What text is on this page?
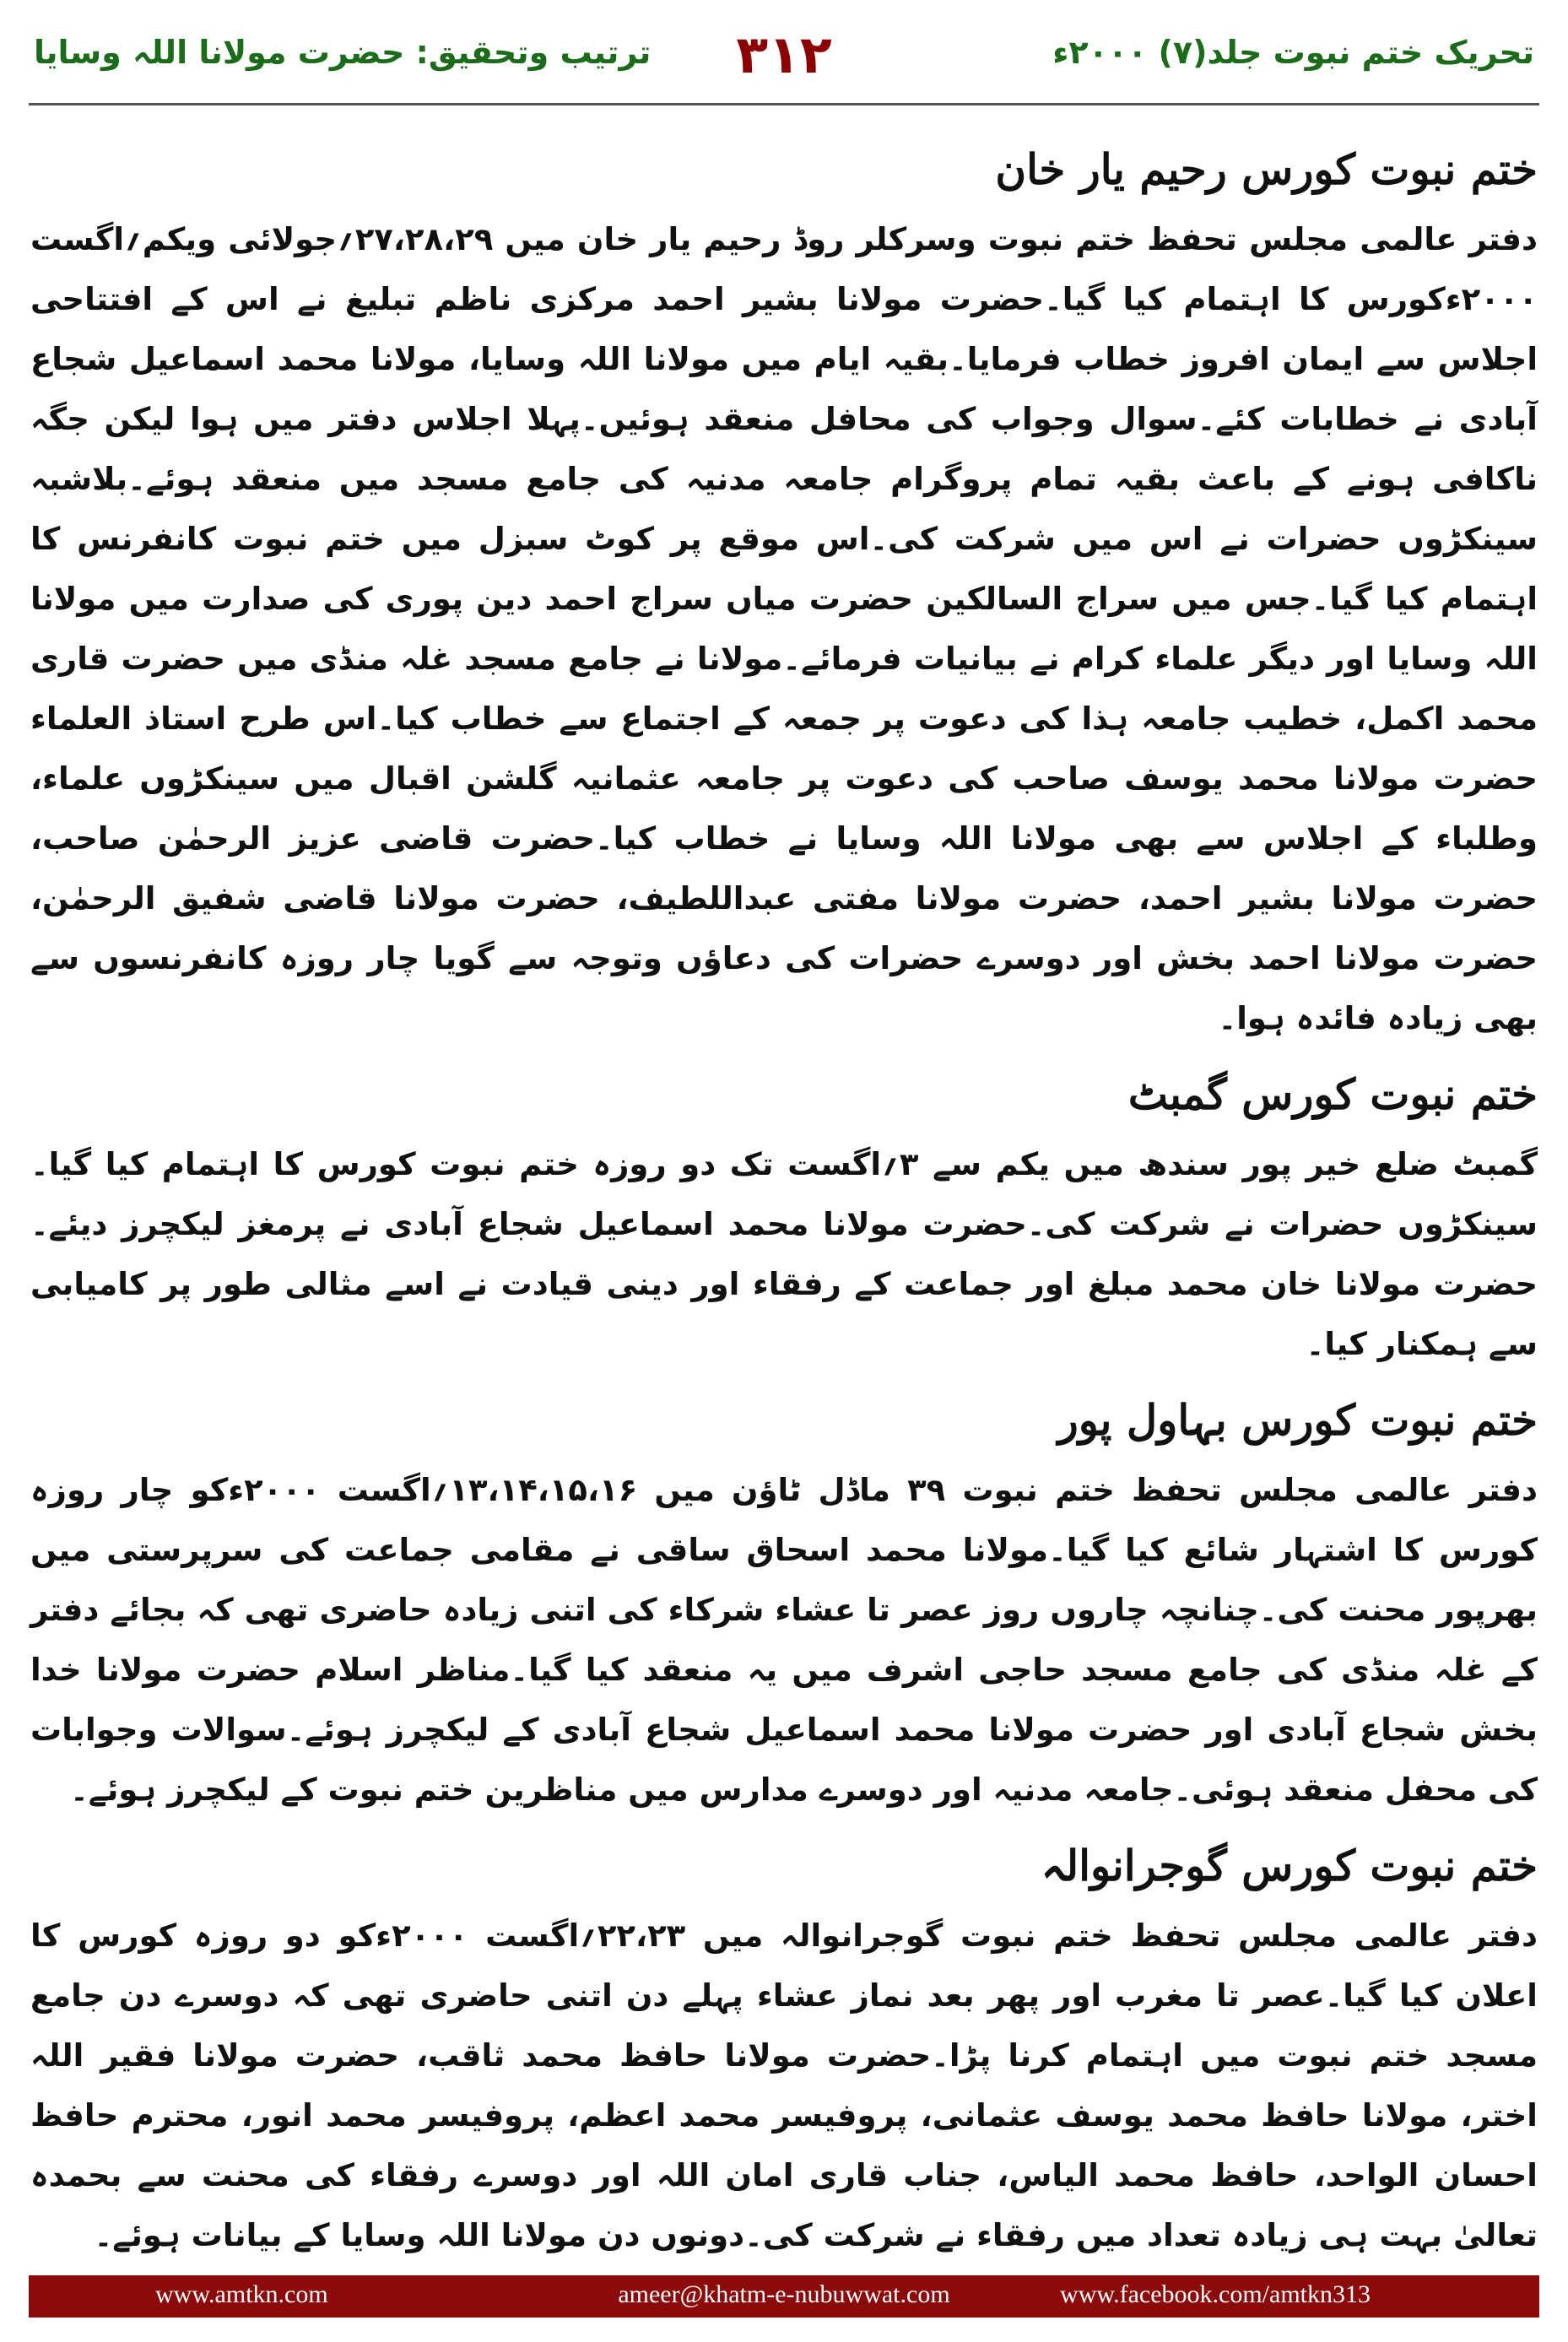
ترتیب وتحقیق: حضرت مولانا اللہ وسایا	۳۱۲	تحریک ختم نبوت جلد(۷) ۲۰۰۰ء
ختم نبوت کورس رحیم یار خان

دفتر عالمی مجلس تحفظ ختم نبوت وسرکلر روڈ رحیم یار خان میں ۲۷،۲۸،۲۹؍جولائی ویکم؍اگست ۲۰۰۰ءکورس کا اہتمام کیا گیا۔حضرت مولانا بشیر احمد مرکزی ناظم تبلیغ نے اس کے افتتاحی اجلاس سے ایمان افروز خطاب فرمایا۔بقیہ ایام میں مولانا اللہ وسایا، مولانا محمد اسماعیل شجاع آبادی نے خطابات کئے۔سوال وجواب کی محافل منعقد ہوئیں۔پہلا اجلاس دفتر میں ہوا لیکن جگہ ناکافی ہونے کے باعث بقیہ تمام پروگرام جامعہ مدنیہ کی جامع مسجد میں منعقد ہوئے۔بلاشبہ سینکڑوں حضرات نے اس میں شرکت کی۔اس موقع پر کوٹ سبزل میں ختم نبوت کانفرنس کا اہتمام کیا گیا۔جس میں سراج السالکین حضرت میاں سراج احمد دین پوری کی صدارت میں مولانا اللہ وسایا اور دیگر علماء کرام نے بیانیات فرمائے۔مولانا نے جامع مسجد غلہ منڈی میں حضرت قاری محمد اکمل، خطیب جامعہ ہذا کی دعوت پر جمعہ کے اجتماع سے خطاب کیا۔اس طرح استاذ العلماء حضرت مولانا محمد یوسف صاحب کی دعوت پر جامعہ عثمانیہ گلشن اقبال میں سینکڑوں علماء، وطلباء کے اجلاس سے بھی مولانا اللہ وسایا نے خطاب کیا۔حضرت قاضی عزیز الرحمٰن صاحب، حضرت مولانا بشیر احمد، حضرت مولانا مفتی عبداللطیف، حضرت مولانا قاضی شفیق الرحمٰن، حضرت مولانا احمد بخش اور دوسرے حضرات کی دعاؤں وتوجہ سے گویا چار روزہ کانفرنسوں سے بھی زیادہ فائدہ ہوا۔

ختم نبوت کورس گمبٹ

گمبٹ ضلع خیر پور سندھ میں یکم سے ۳؍اگست تک دو روزہ ختم نبوت کورس کا اہتمام کیا گیا۔سینکڑوں حضرات نے شرکت کی۔حضرت مولانا محمد اسماعیل شجاع آبادی نے پرمغز لیکچرز دیئے۔حضرت مولانا خان محمد مبلغ اور جماعت کے رفقاء اور دینی قیادت نے اسے مثالی طور پر کامیابی سے ہمکنار کیا۔

ختم نبوت کورس بہاول پور

دفتر عالمی مجلس تحفظ ختم نبوت ۳۹ ماڈل ٹاؤن میں ۱۳،۱۴،۱۵،۱۶؍اگست ۲۰۰۰ءکو چار روزہ کورس کا اشتہار شائع کیا گیا۔مولانا محمد اسحاق ساقی نے مقامی جماعت کی سرپرستی میں بھرپور محنت کی۔چنانچہ چاروں روز عصر تا عشاء شرکاء کی اتنی زیادہ حاضری تھی کہ بجائے دفتر کے غلہ منڈی کی جامع مسجد حاجی اشرف میں یہ منعقد کیا گیا۔مناظر اسلام حضرت مولانا خدا بخش شجاع آبادی اور حضرت مولانا محمد اسماعیل شجاع آبادی کے لیکچرز ہوئے۔سوالات وجوابات کی محفل منعقد ہوئی۔جامعہ مدنیہ اور دوسرے مدارس میں مناظرین ختم نبوت کے لیکچرز ہوئے۔

ختم نبوت کورس گوجرانوالہ

دفتر عالمی مجلس تحفظ ختم نبوت گوجرانوالہ میں ۲۲،۲۳؍اگست ۲۰۰۰ءکو دو روزہ کورس کا اعلان کیا گیا۔عصر تا مغرب اور پھر بعد نماز عشاء پہلے دن اتنی حاضری تھی کہ دوسرے دن جامع مسجد ختم نبوت میں اہتمام کرنا پڑا۔حضرت مولانا حافظ محمد ثاقب، حضرت مولانا فقیر اللہ اختر، مولانا حافظ محمد یوسف عثمانی، پروفیسر محمد اعظم، پروفیسر محمد انور، محترم حافظ احسان الواحد، حافظ محمد الیاس، جناب قاری امان اللہ اور دوسرے رفقاء کی محنت سے بحمدہ تعالیٰ بہت ہی زیادہ تعداد میں رفقاء نے شرکت کی۔دونوں دن مولانا اللہ وسایا کے بیانات ہوئے۔

www.amtkn.com	ameer@khatm-e-nubuwwat.com	www.facebook.com/amtkn313
